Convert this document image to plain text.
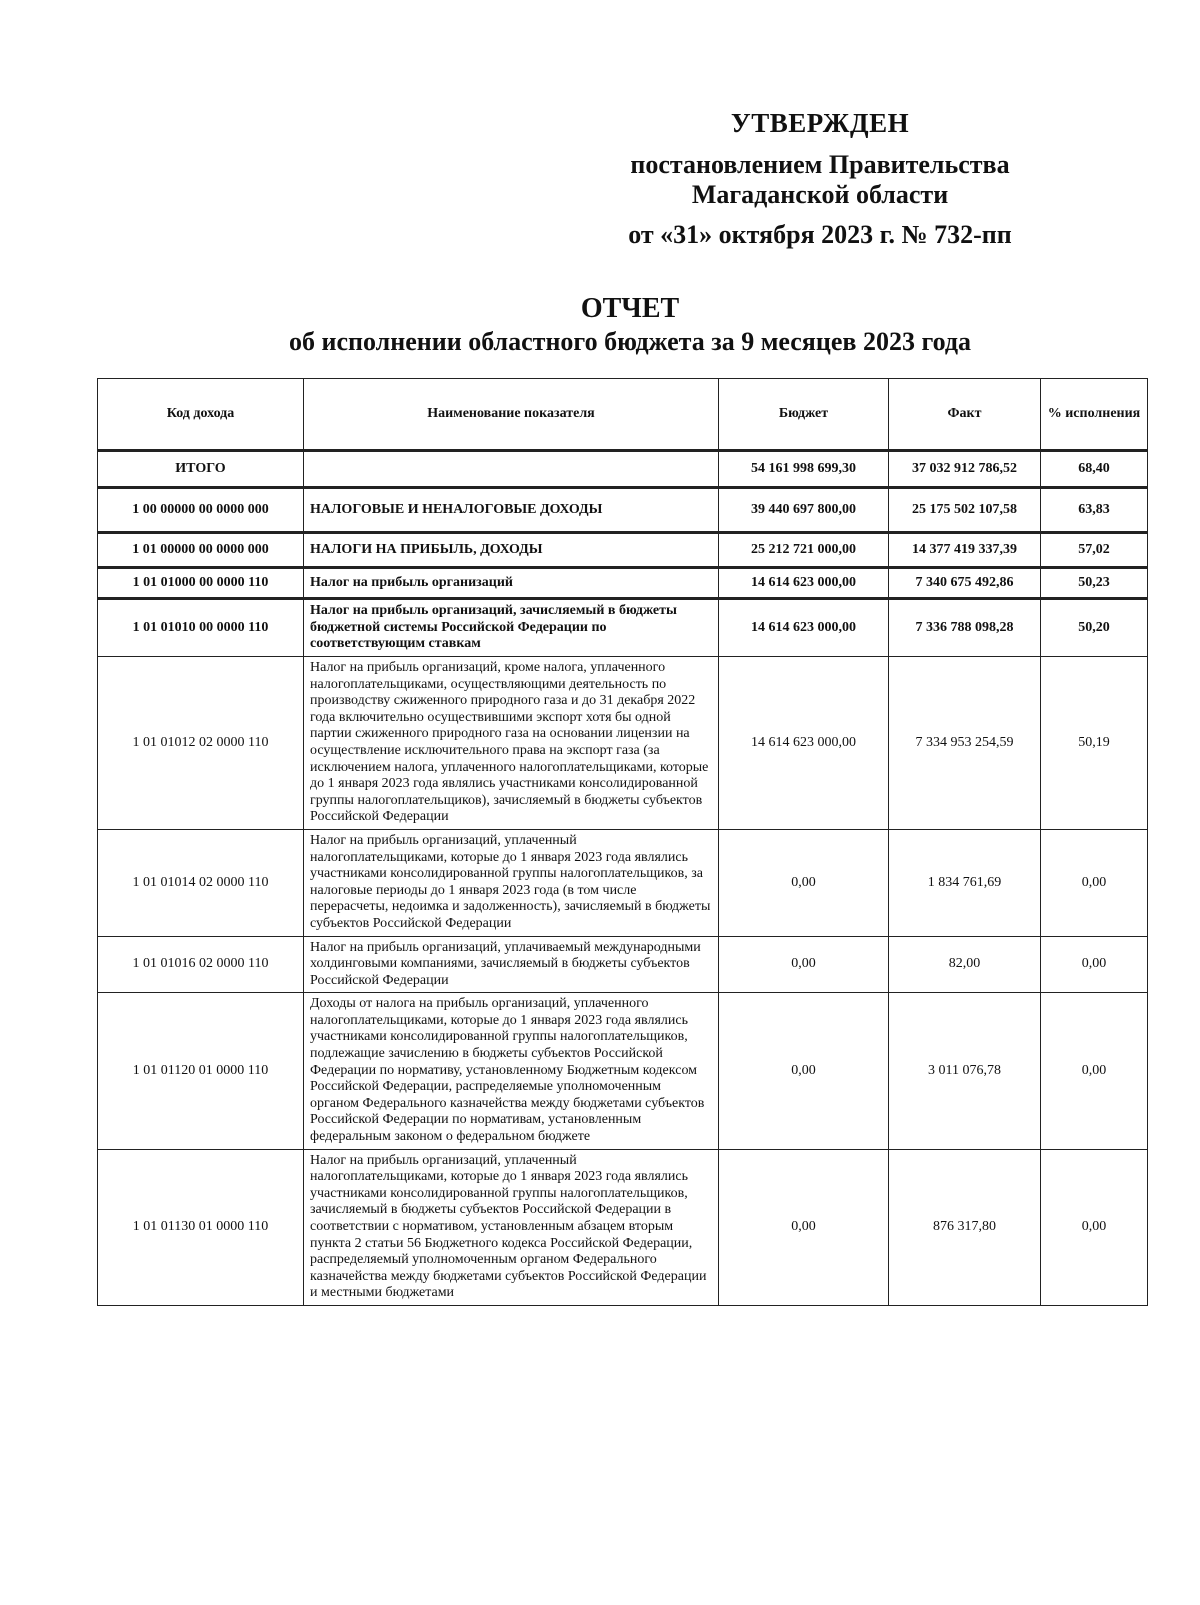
УТВЕРЖДЕН
постановлением Правительства
Магаданской области
от «31» октября 2023 г. № 732-пп
ОТЧЕТ
об исполнении областного бюджета за 9 месяцев 2023 года
Код дохода	Наименование показателя	Бюджет	Факт	% исполнения
ИТОГО		54 161 998 699,30	37 032 912 786,52	68,40
1 00 00000 00 0000 000	НАЛОГОВЫЕ И НЕНАЛОГОВЫЕ ДОХОДЫ	39 440 697 800,00	25 175 502 107,58	63,83
1 01 00000 00 0000 000	НАЛОГИ НА ПРИБЫЛЬ, ДОХОДЫ	25 212 721 000,00	14 377 419 337,39	57,02
1 01 01000 00 0000 110	Налог на прибыль организаций	14 614 623 000,00	7 340 675 492,86	50,23
1 01 01010 00 0000 110	Налог на прибыль организаций, зачисляемый в бюджеты бюджетной системы Российской Федерации по соответствующим ставкам	14 614 623 000,00	7 336 788 098,28	50,20
1 01 01012 02 0000 110	Налог на прибыль организаций, кроме налога, уплаченного налогоплательщиками, осуществляющими деятельность по производству сжиженного природного газа и до 31 декабря 2022 года включительно осуществившими экспорт хотя бы одной партии сжиженного природного газа на основании лицензии на осуществление исключительного права на экспорт газа (за исключением налога, уплаченного налогоплательщиками, которые до 1 января 2023 года являлись участниками консолидированной группы налогоплательщиков), зачисляемый в бюджеты субъектов Российской Федерации	14 614 623 000,00	7 334 953 254,59	50,19
1 01 01014 02 0000 110	Налог на прибыль организаций, уплаченный налогоплательщиками, которые до 1 января 2023 года являлись участниками консолидированной группы налогоплательщиков, за налоговые периоды до 1 января 2023 года (в том числе перерасчеты, недоимка и задолженность), зачисляемый в бюджеты субъектов Российской Федерации	0,00	1 834 761,69	0,00
1 01 01016 02 0000 110	Налог на прибыль организаций, уплачиваемый международными холдинговыми компаниями, зачисляемый в бюджеты субъектов Российской Федерации	0,00	82,00	0,00
1 01 01120 01 0000 110	Доходы от налога на прибыль организаций, уплаченного налогоплательщиками, которые до 1 января 2023 года являлись участниками консолидированной группы налогоплательщиков, подлежащие зачислению в бюджеты субъектов Российской Федерации по нормативу, установленному Бюджетным кодексом Российской Федерации, распределяемые уполномоченным органом Федерального казначейства между бюджетами субъектов Российской Федерации по нормативам, установленным федеральным законом о федеральном бюджете	0,00	3 011 076,78	0,00
1 01 01130 01 0000 110	Налог на прибыль организаций, уплаченный налогоплательщиками, которые до 1 января 2023 года являлись участниками консолидированной группы налогоплательщиков, зачисляемый в бюджеты субъектов Российской Федерации в соответствии с нормативом, установленным абзацем вторым пункта 2 статьи 56 Бюджетного кодекса Российской Федерации, распределяемый уполномоченным органом Федерального казначейства между бюджетами субъектов Российской Федерации и местными бюджетами	0,00	876 317,80	0,00
